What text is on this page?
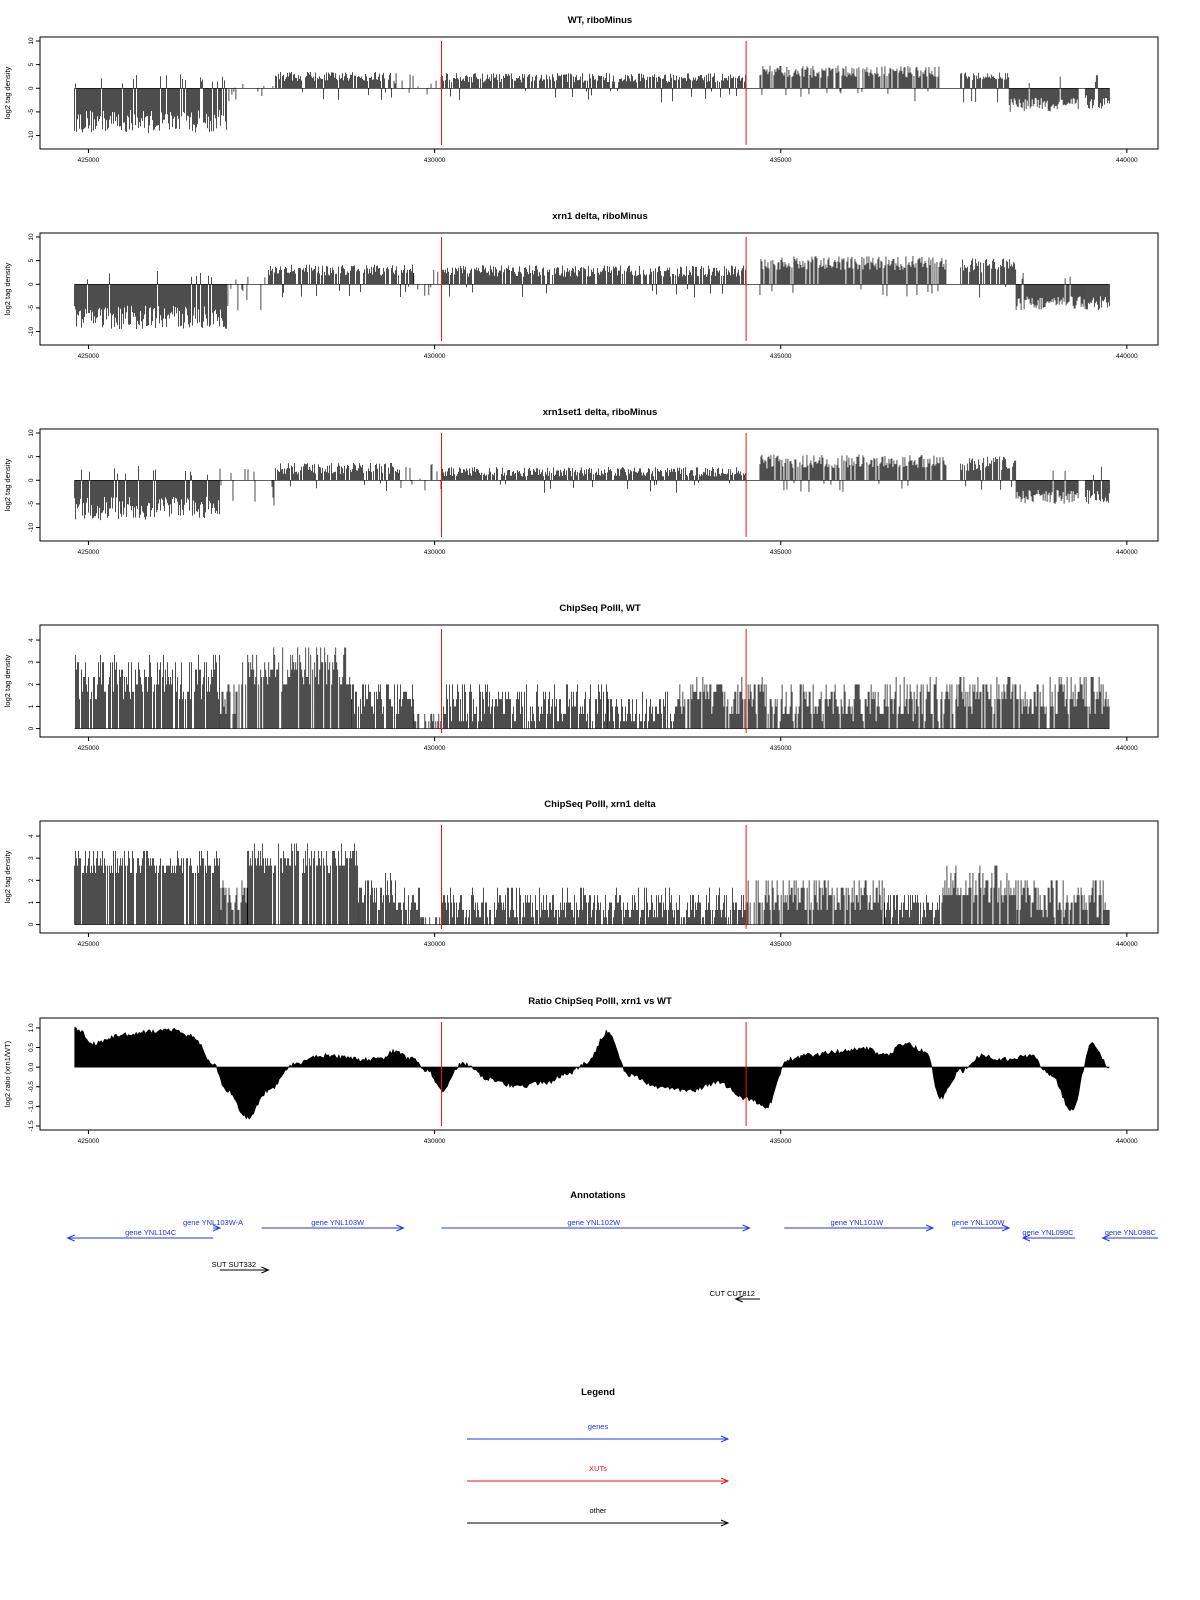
WT, riboMinus
log2 tag density
-10
-5
0
5
10
425000	430000	435000	440000
xrn1 delta, riboMinus
log2 tag density
-10
-5
0
5
10
425000	430000	435000	440000
xrn1set1 delta, riboMinus
log2 tag density
-10
-5
0
5
10
425000	430000	435000	440000
ChipSeq PolII, WT
log2 tag density
0
1
2
3
4
425000	430000	435000	440000
ChipSeq PolII, xrn1 delta
log2 tag density
0
1
2
3
4
425000	430000	435000	440000
Ratio ChipSeq PolII, xrn1 vs WT
log2 ratio (xrn1/WT)
-1.5
-1.0
-0.5
0.0
0.5
1.0
425000	430000	435000	440000
Annotations
gene YNL104C
gene YNL103W-A	gene YNL103W	gene YNL102W	gene YNL101W	gene YNL100W
gene YNL099C	gene YNL098C
SUT SUT332
CUT CUT812
Legend
genes
XUTs
other
